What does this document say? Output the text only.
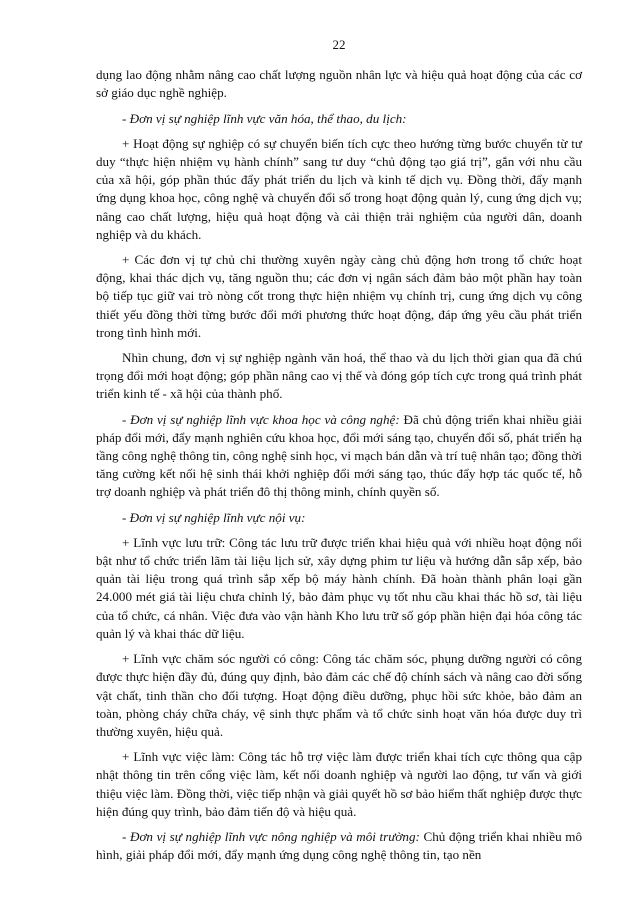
22

dụng lao động nhằm nâng cao chất lượng nguồn nhân lực và hiệu quả hoạt động của các cơ sở giáo dục nghề nghiệp.

- Đơn vị sự nghiệp lĩnh vực văn hóa, thể thao, du lịch:

+ Hoạt động sự nghiệp có sự chuyển biến tích cực theo hướng từng bước chuyển từ tư duy “thực hiện nhiệm vụ hành chính” sang tư duy “chủ động tạo giá trị”, gắn với nhu cầu của xã hội, góp phần thúc đẩy phát triển du lịch và kinh tế dịch vụ. Đồng thời, đẩy mạnh ứng dụng khoa học, công nghệ và chuyển đổi số trong hoạt động quản lý, cung ứng dịch vụ; nâng cao chất lượng, hiệu quả hoạt động và cải thiện trải nghiệm của người dân, doanh nghiệp và du khách.

+ Các đơn vị tự chủ chi thường xuyên ngày càng chủ động hơn trong tổ chức hoạt động, khai thác dịch vụ, tăng nguồn thu; các đơn vị ngân sách đảm bảo một phần hay toàn bộ tiếp tục giữ vai trò nòng cốt trong thực hiện nhiệm vụ chính trị, cung ứng dịch vụ công thiết yếu đồng thời từng bước đổi mới phương thức hoạt động, đáp ứng yêu cầu phát triển trong tình hình mới.

Nhìn chung, đơn vị sự nghiệp ngành văn hoá, thể thao và du lịch thời gian qua đã chú trọng đổi mới hoạt động; góp phần nâng cao vị thế và đóng góp tích cực trong quá trình phát triển kinh tế - xã hội của thành phố.

- Đơn vị sự nghiệp lĩnh vực khoa học và công nghệ: Đã chủ động triển khai nhiều giải pháp đổi mới, đẩy mạnh nghiên cứu khoa học, đổi mới sáng tạo, chuyển đổi số, phát triển hạ tầng công nghệ thông tin, công nghệ sinh học, vi mạch bán dẫn và trí tuệ nhân tạo; đồng thời tăng cường kết nối hệ sinh thái khởi nghiệp đổi mới sáng tạo, thúc đẩy hợp tác quốc tế, hỗ trợ doanh nghiệp và phát triển đô thị thông minh, chính quyền số.

- Đơn vị sự nghiệp lĩnh vực nội vụ:

+ Lĩnh vực lưu trữ: Công tác lưu trữ được triển khai hiệu quả với nhiều hoạt động nổi bật như tổ chức triển lãm tài liệu lịch sử, xây dựng phim tư liệu và hướng dẫn sắp xếp, bảo quản tài liệu trong quá trình sắp xếp bộ máy hành chính. Đã hoàn thành phân loại gần 24.000 mét giá tài liệu chưa chỉnh lý, bảo đảm phục vụ tốt nhu cầu khai thác hồ sơ, tài liệu của tổ chức, cá nhân. Việc đưa vào vận hành Kho lưu trữ số góp phần hiện đại hóa công tác quản lý và khai thác dữ liệu.

+ Lĩnh vực chăm sóc người có công: Công tác chăm sóc, phụng dưỡng người có công được thực hiện đầy đủ, đúng quy định, bảo đảm các chế độ chính sách và nâng cao đời sống vật chất, tinh thần cho đối tượng. Hoạt động điều dưỡng, phục hồi sức khỏe, bảo đảm an toàn, phòng cháy chữa cháy, vệ sinh thực phẩm và tổ chức sinh hoạt văn hóa được duy trì thường xuyên, hiệu quả.

+ Lĩnh vực việc làm: Công tác hỗ trợ việc làm được triển khai tích cực thông qua cập nhật thông tin trên cổng việc làm, kết nối doanh nghiệp và người lao động, tư vấn và giới thiệu việc làm. Đồng thời, việc tiếp nhận và giải quyết hồ sơ bảo hiểm thất nghiệp được thực hiện đúng quy trình, bảo đảm tiến độ và hiệu quả.

- Đơn vị sự nghiệp lĩnh vực nông nghiệp và môi trường: Chủ động triển khai nhiều mô hình, giải pháp đổi mới, đẩy mạnh ứng dụng công nghệ thông tin, tạo nền
